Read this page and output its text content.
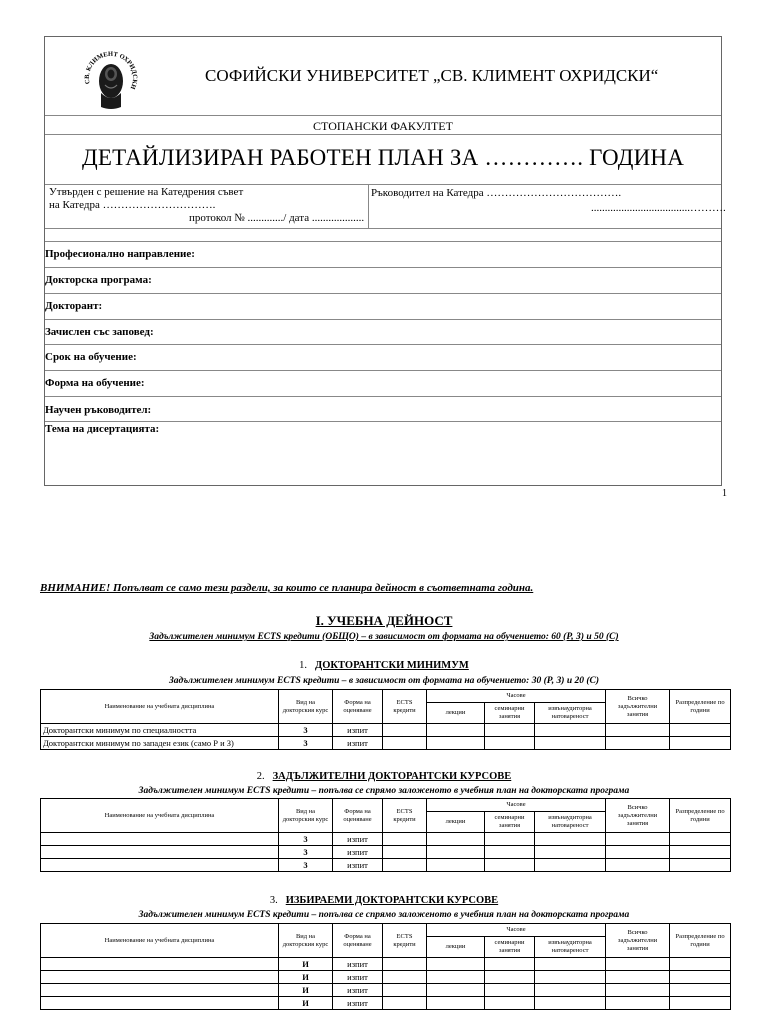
СВ. КЛИМЕНТ ОХРИДСКИ
СОФИЙСКИ УНИВЕРСИТЕТ „СВ. КЛИМЕНТ ОХРИДСКИ“
СТОПАНСКИ ФАКУЛТЕТ
ДЕТАЙЛИЗИРАН РАБОТЕН ПЛАН ЗА …………. ГОДИНА
Утвърден с решение на Катедрения съвет
на Катедра ………………………….
протокол № ............./ дата ...................
Ръководител на Катедра ……………………………….
....................................……….
Професионално направление:
Докторска програма:
Докторант:
Зачислен със заповед:
Срок на обучение:
Форма на обучение:
Научен ръководител:
Тема на дисертацията:
1
ВНИМАНИЕ! Попълват се само тези раздели, за които се планира дейност в съответната година.
I. УЧЕБНА ДЕЙНОСТ
Задължителен минимум ECTS кредити (ОБЩО) – в зависимост от формата на обучението: 60 (Р, З) и 50 (С)
1. ДОКТОРАНТСКИ МИНИМУМ
Задължителен минимум ECTS кредити – в зависимост от формата на обучението: 30 (Р, З) и 20 (С)
Наименование на учебната дисциплина	Вид на докторския курс	Форма на оценяване	ECTS кредити	Часове			Всичко задължителни занятия	Разпределение по години
				лекции	семинарни занятия	извънаудиторна натовареност		
Докторантски минимум по специалността	3	изпит						
Докторантски минимум по западен език (само Р и З)	3	изпит						
2. ЗАДЪЛЖИТЕЛНИ ДОКТОРАНТСКИ КУРСОВЕ
Задължителен минимум ECTS кредити – попълва се спрямо заложеното в учебния план на докторската програма
Наименование на учебната дисциплина	Вид на докторския курс	Форма на оценяване	ECTS кредити	Часове			Всичко задължителни занятия	Разпределение по години
				лекции	семинарни занятия	извънаудиторна натовареност		
	3	изпит						
	3	изпит						
	3	изпит						
3. ИЗБИРАЕМИ ДОКТОРАНТСКИ КУРСОВЕ
Задължителен минимум ECTS кредити – попълва се спрямо заложеното в учебния план на докторската програма
Наименование на учебната дисциплина	Вид на докторския курс	Форма на оценяване	ECTS кредити	Часове			Всичко задължителни занятия	Разпределение по години
				лекции	семинарни занятия	извънаудиторна натовареност		
	И	изпит						
	И	изпит						
	И	изпит						
	И	изпит						
